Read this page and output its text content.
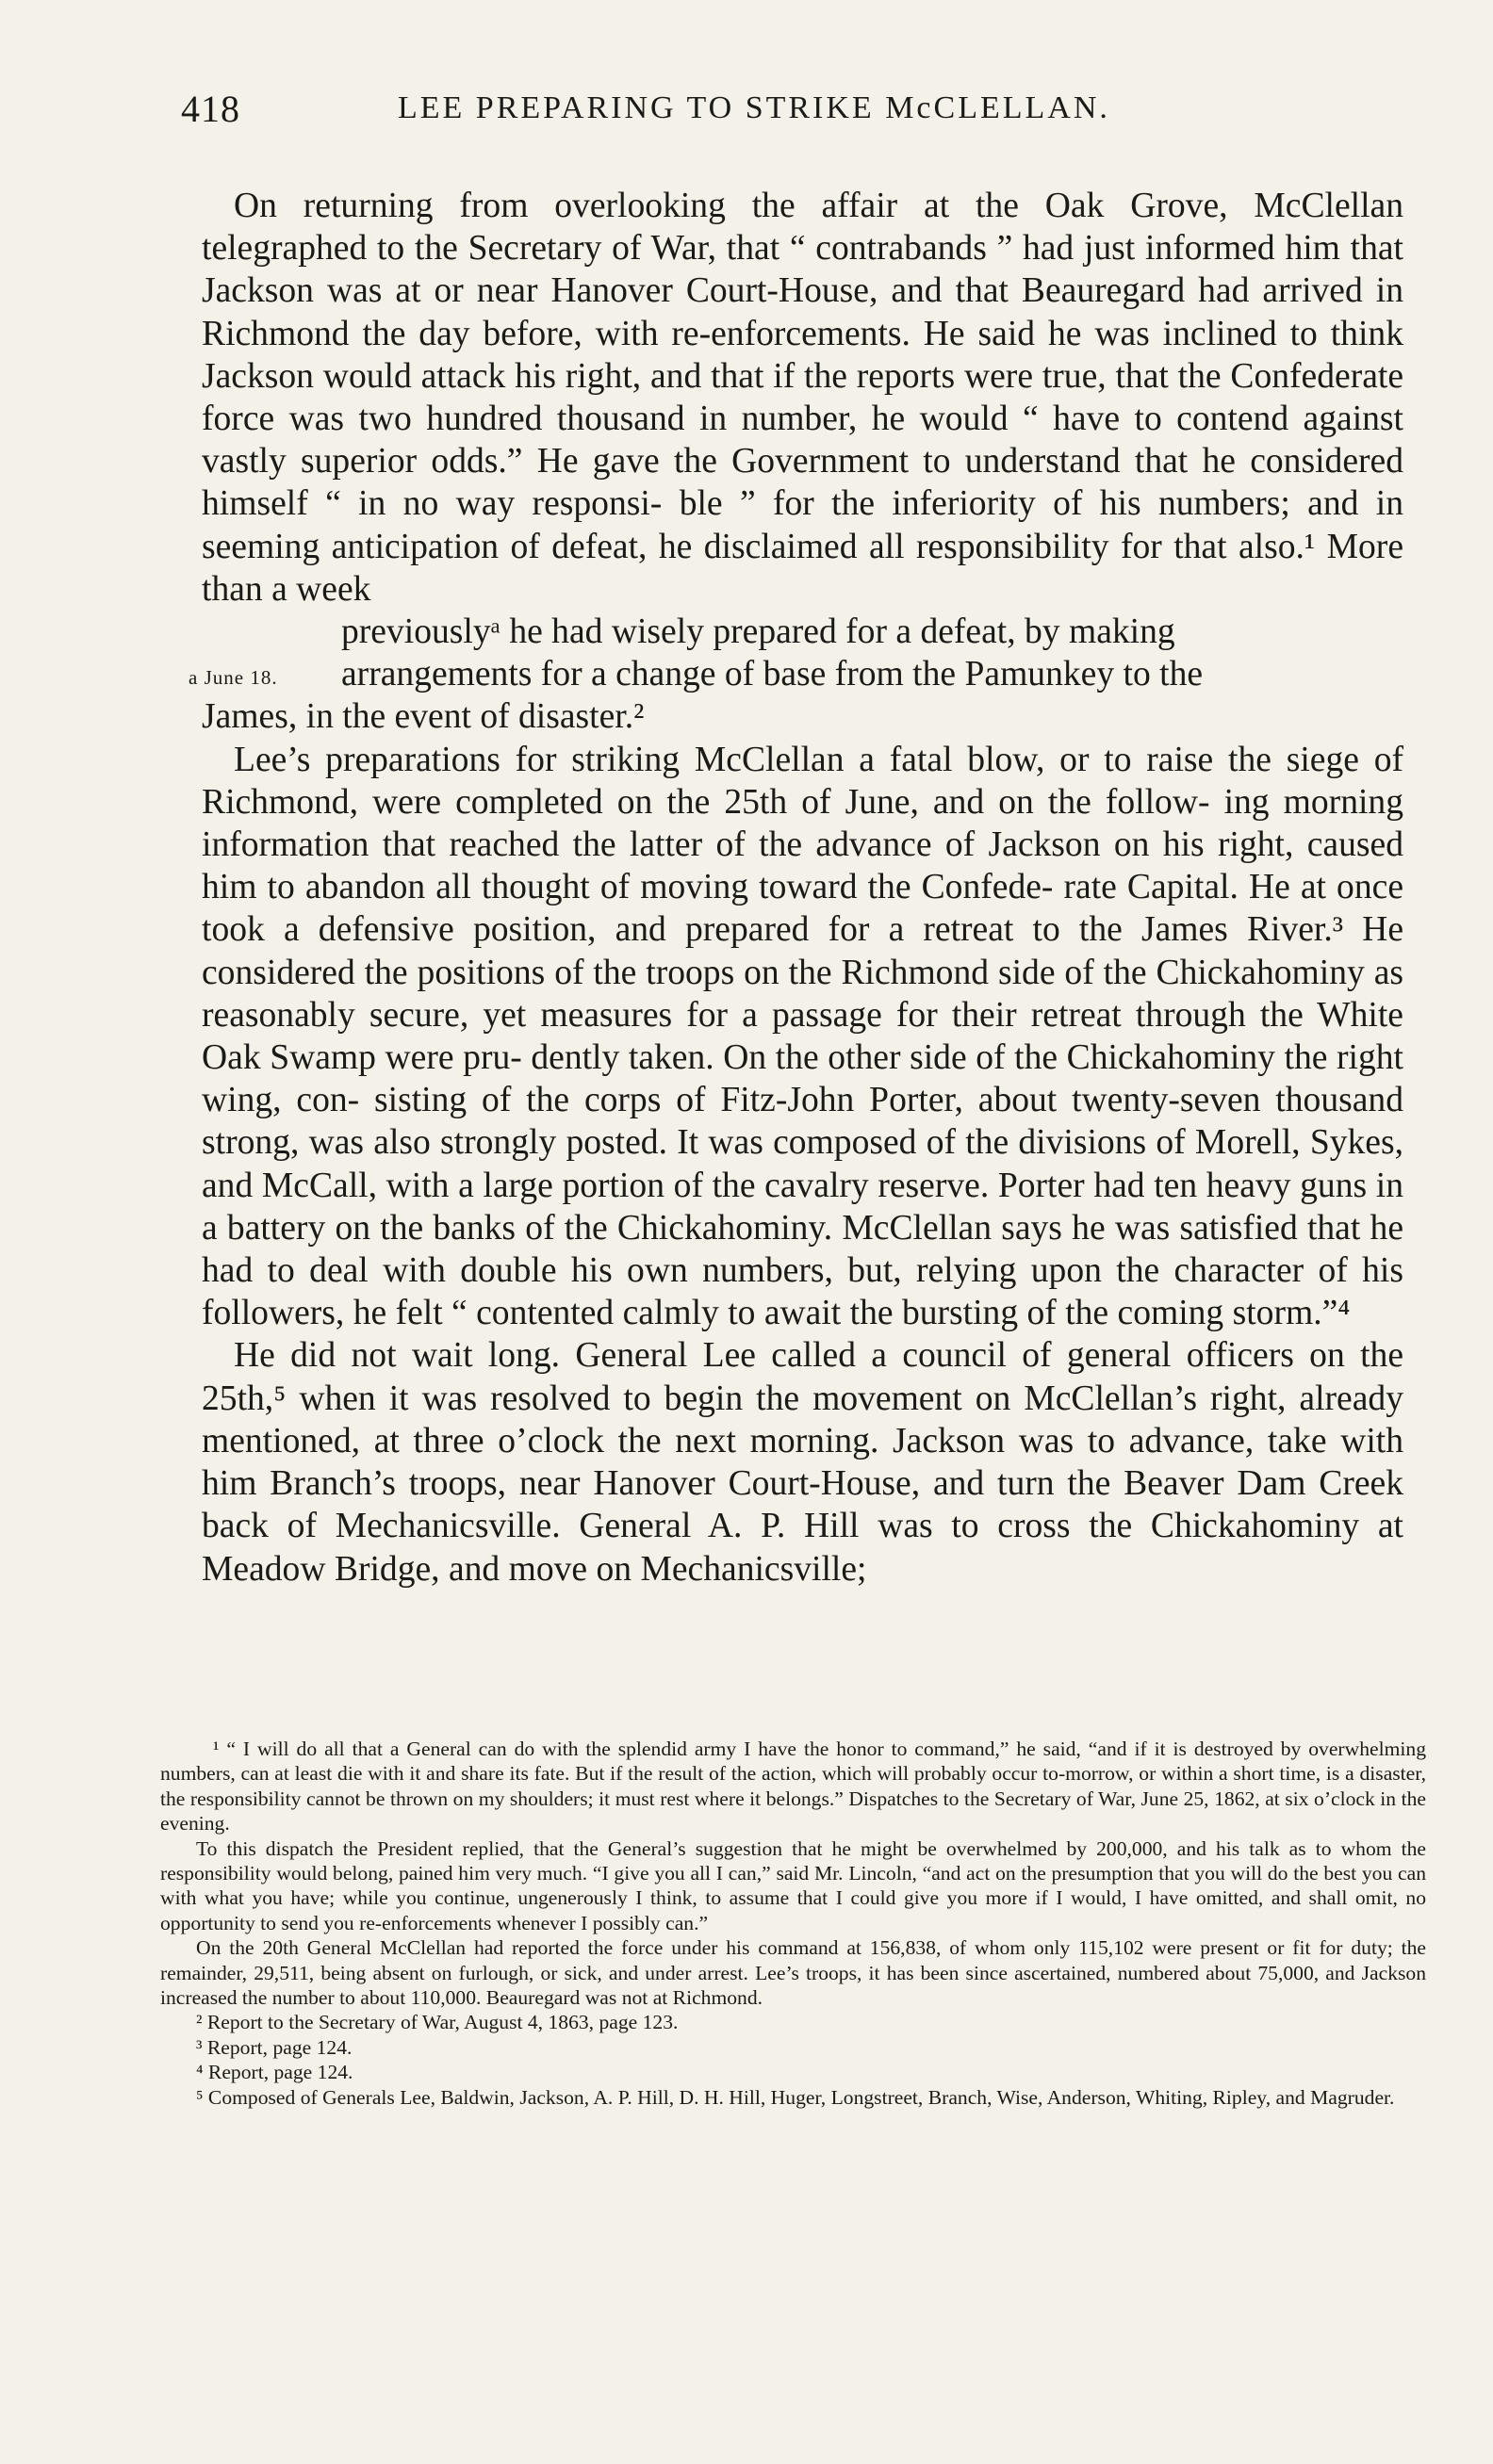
418	LEE PREPARING TO STRIKE McCLELLAN.
a June 18.

On returning from overlooking the affair at the Oak Grove, McClellan telegraphed to the Secretary of War, that “ contrabands ” had just informed him that Jackson was at or near Hanover Court-House, and that Beauregard had arrived in Richmond the day before, with re-enforcements. He said he was inclined to think Jackson would attack his right, and that if the reports were true, that the Confederate force was two hundred thousand in number, he would “ have to contend against vastly superior odds.” He gave the Government to understand that he considered himself “ in no way responsi- ble ” for the inferiority of his numbers; and in seeming anticipation of defeat, he disclaimed all responsibility for that also.¹ More than a week
previouslyᵃ he had wisely prepared for a defeat, by making
arrangements for a change of base from the Pamunkey to the
James, in the event of disaster.²

Lee’s preparations for striking McClellan a fatal blow, or to raise the siege of Richmond, were completed on the 25th of June, and on the follow- ing morning information that reached the latter of the advance of Jackson on his right, caused him to abandon all thought of moving toward the Confede- rate Capital. He at once took a defensive position, and prepared for a retreat to the James River.³ He considered the positions of the troops on the Richmond side of the Chickahominy as reasonably secure, yet measures for a passage for their retreat through the White Oak Swamp were pru- dently taken. On the other side of the Chickahominy the right wing, con- sisting of the corps of Fitz-John Porter, about twenty-seven thousand strong, was also strongly posted. It was composed of the divisions of Morell, Sykes, and McCall, with a large portion of the cavalry reserve. Porter had ten heavy guns in a battery on the banks of the Chickahominy. McClellan says he was satisfied that he had to deal with double his own numbers, but, relying upon the character of his followers, he felt “ contented calmly to await the bursting of the coming storm.”⁴

He did not wait long. General Lee called a council of general officers on the 25th,⁵ when it was resolved to begin the movement on McClellan’s right, already mentioned, at three o’clock the next morning. Jackson was to advance, take with him Branch’s troops, near Hanover Court-House, and turn the Beaver Dam Creek back of Mechanicsville. General A. P. Hill was to cross the Chickahominy at Meadow Bridge, and move on Mechanicsville;

¹ “ I will do all that a General can do with the splendid army I have the honor to command,” he said, “and if it is destroyed by overwhelming numbers, can at least die with it and share its fate. But if the result of the action, which will probably occur to-morrow, or within a short time, is a disaster, the responsibility cannot be thrown on my shoulders; it must rest where it belongs.” Dispatches to the Secretary of War, June 25, 1862, at six o’clock in the evening.

To this dispatch the President replied, that the General’s suggestion that he might be overwhelmed by 200,000, and his talk as to whom the responsibility would belong, pained him very much. “I give you all I can,” said Mr. Lincoln, “and act on the presumption that you will do the best you can with what you have; while you continue, ungenerously I think, to assume that I could give you more if I would, I have omitted, and shall omit, no opportunity to send you re-enforcements whenever I possibly can.”

On the 20th General McClellan had reported the force under his command at 156,838, of whom only 115,102 were present or fit for duty; the remainder, 29,511, being absent on furlough, or sick, and under arrest. Lee’s troops, it has been since ascertained, numbered about 75,000, and Jackson increased the number to about 110,000. Beauregard was not at Richmond.

² Report to the Secretary of War, August 4, 1863, page 123.

³ Report, page 124.

⁴ Report, page 124.

⁵ Composed of Generals Lee, Baldwin, Jackson, A. P. Hill, D. H. Hill, Huger, Longstreet, Branch, Wise, Anderson, Whiting, Ripley, and Magruder.
